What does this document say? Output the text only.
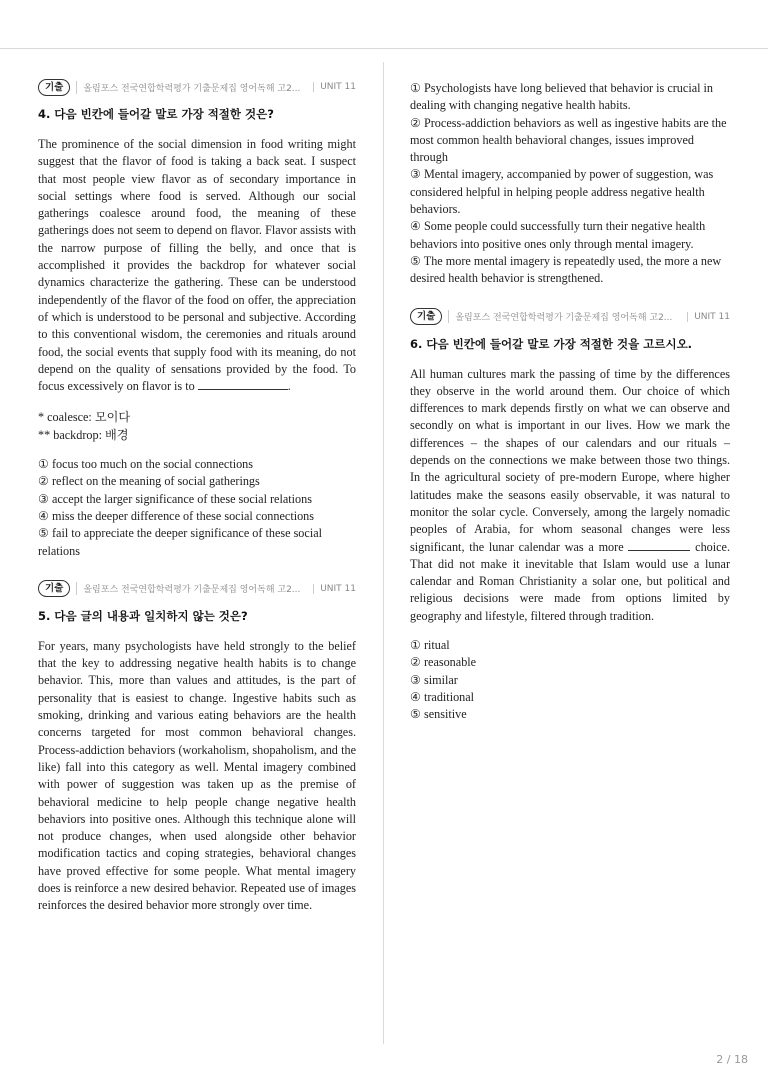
기출	올림포스 전국연합학력평가 기출문제집 영어독해 고2...	UNIT 11
4. 다음 빈칸에 들어갈 말로 가장 적절한 것은?

The prominence of the social dimension in food writing might suggest that the flavor of food is taking a back seat. I suspect that most people view flavor as of secondary importance in social settings where food is served. Although our social gatherings coalesce around food, the meaning of these gatherings does not seem to depend on flavor. Flavor assists with the narrow purpose of filling the belly, and once that is accomplished it provides the backdrop for whatever social dynamics characterize the gathering. These can be understood independently of the flavor of the food on offer, the appreciation of which is understood to be personal and subjective. According to this conventional wisdom, the ceremonies and rituals around food, the social events that supply food with its meaning, do not depend on the quality of sensations provided by the food. To focus excessively on flavor is to	.

* coalesce: 모이다
** backdrop: 배경
① focus too much on the social connections
② reflect on the meaning of social gatherings
③ accept the larger significance of these social relations
④ miss the deeper difference of these social connections
⑤ fail to appreciate the deeper significance of these social relations
기출	올림포스 전국연합학력평가 기출문제집 영어독해 고2...	UNIT 11
5. 다음 글의 내용과 일치하지 않는 것은?

For years, many psychologists have held strongly to the belief that the key to addressing negative health habits is to change behavior. This, more than values and attitudes, is the part of personality that is easiest to change. Ingestive habits such as smoking, drinking and various eating behaviors are the health concerns targeted for most common behavioral changes. Process-addiction behaviors (workaholism, shopaholism, and the like) fall into this category as well. Mental imagery combined with power of suggestion was taken up as the premise of behavioral medicine to help people change negative health behaviors into positive ones. Although this technique alone will not produce changes, when used alongside other behavior modification tactics and coping strategies, behavioral changes have proved effective for some people. What mental imagery does is reinforce a new desired behavior. Repeated use of images reinforces the desired behavior more strongly over time.

① Psychologists have long believed that behavior is crucial in dealing with changing negative health habits.
② Process-addiction behaviors as well as ingestive habits are the most common health behavioral changes, issues improved through
③ Mental imagery, accompanied by power of suggestion, was considered helpful in helping people address negative health behaviors.
④ Some people could successfully turn their negative health behaviors into positive ones only through mental imagery.
⑤ The more mental imagery is repeatedly used, the more a new desired health behavior is strengthened.
기출	올림포스 전국연합학력평가 기출문제집 영어독해 고2...	UNIT 11
6. 다음 빈칸에 들어갈 말로 가장 적절한 것을 고르시오.

All human cultures mark the passing of time by the differences they observe in the world around them. Our choice of which differences to mark depends firstly on what we can observe and secondly on what is important in our lives. How we mark the differences – the shapes of our calendars and our rituals – depends on the connections we make between those two things. In the agricultural society of pre-modern Europe, where higher latitudes make the seasons easily observable, it was natural to monitor the solar cycle. Conversely, among the largely nomadic peoples of Arabia, for whom seasonal changes were less significant, the lunar calendar was a more	choice. That did not make it inevitable that Islam would use a lunar calendar and Roman Christianity a solar one, but political and religious decisions were made from options limited by geography and lifestyle, filtered through tradition.

① ritual
② reasonable
③ similar
④ traditional
⑤ sensitive
2 / 18
